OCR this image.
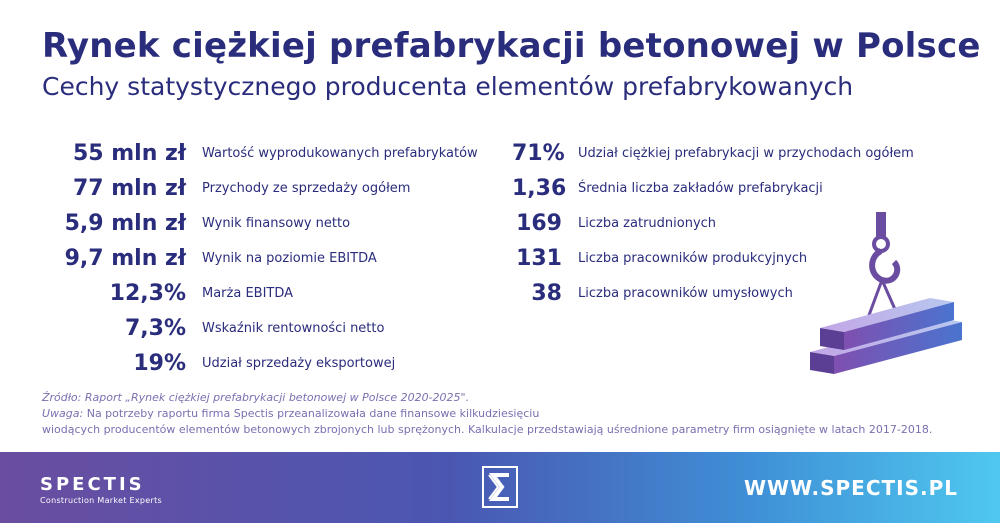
Rynek ciężkiej prefabrykacji betonowej w Polsce
Cechy statystycznego producenta elementów prefabrykowanych
55 mln zł Wartość wyprodukowanych prefabrykatów
77 mln zł Przychody ze sprzedaży ogółem
5,9 mln zł Wynik finansowy netto
9,7 mln zł Wynik na poziomie EBITDA
12,3% Marża EBITDA
7,3% Wskaźnik rentowności netto
19% Udział sprzedaży eksportowej
71% Udział ciężkiej prefabrykacji w przychodach ogółem
1,36 Średnia liczba zakładów prefabrykacji
169 Liczba zatrudnionych
131 Liczba pracowników produkcyjnych
38 Liczba pracowników umysłowych
Źródło: Raport „Rynek ciężkiej prefabrykacji betonowej w Polsce 2020-2025".
Uwaga: Na potrzeby raportu firma Spectis przeanalizowała dane finansowe kilkudziesięciu
wiodących producentów elementów betonowych zbrojonych lub sprężonych. Kalkulacje przedstawiają uśrednione parametry firm osiągnięte w latach 2017-2018.
SPECTIS
Construction Market Experts
WWW.SPECTIS.PL
